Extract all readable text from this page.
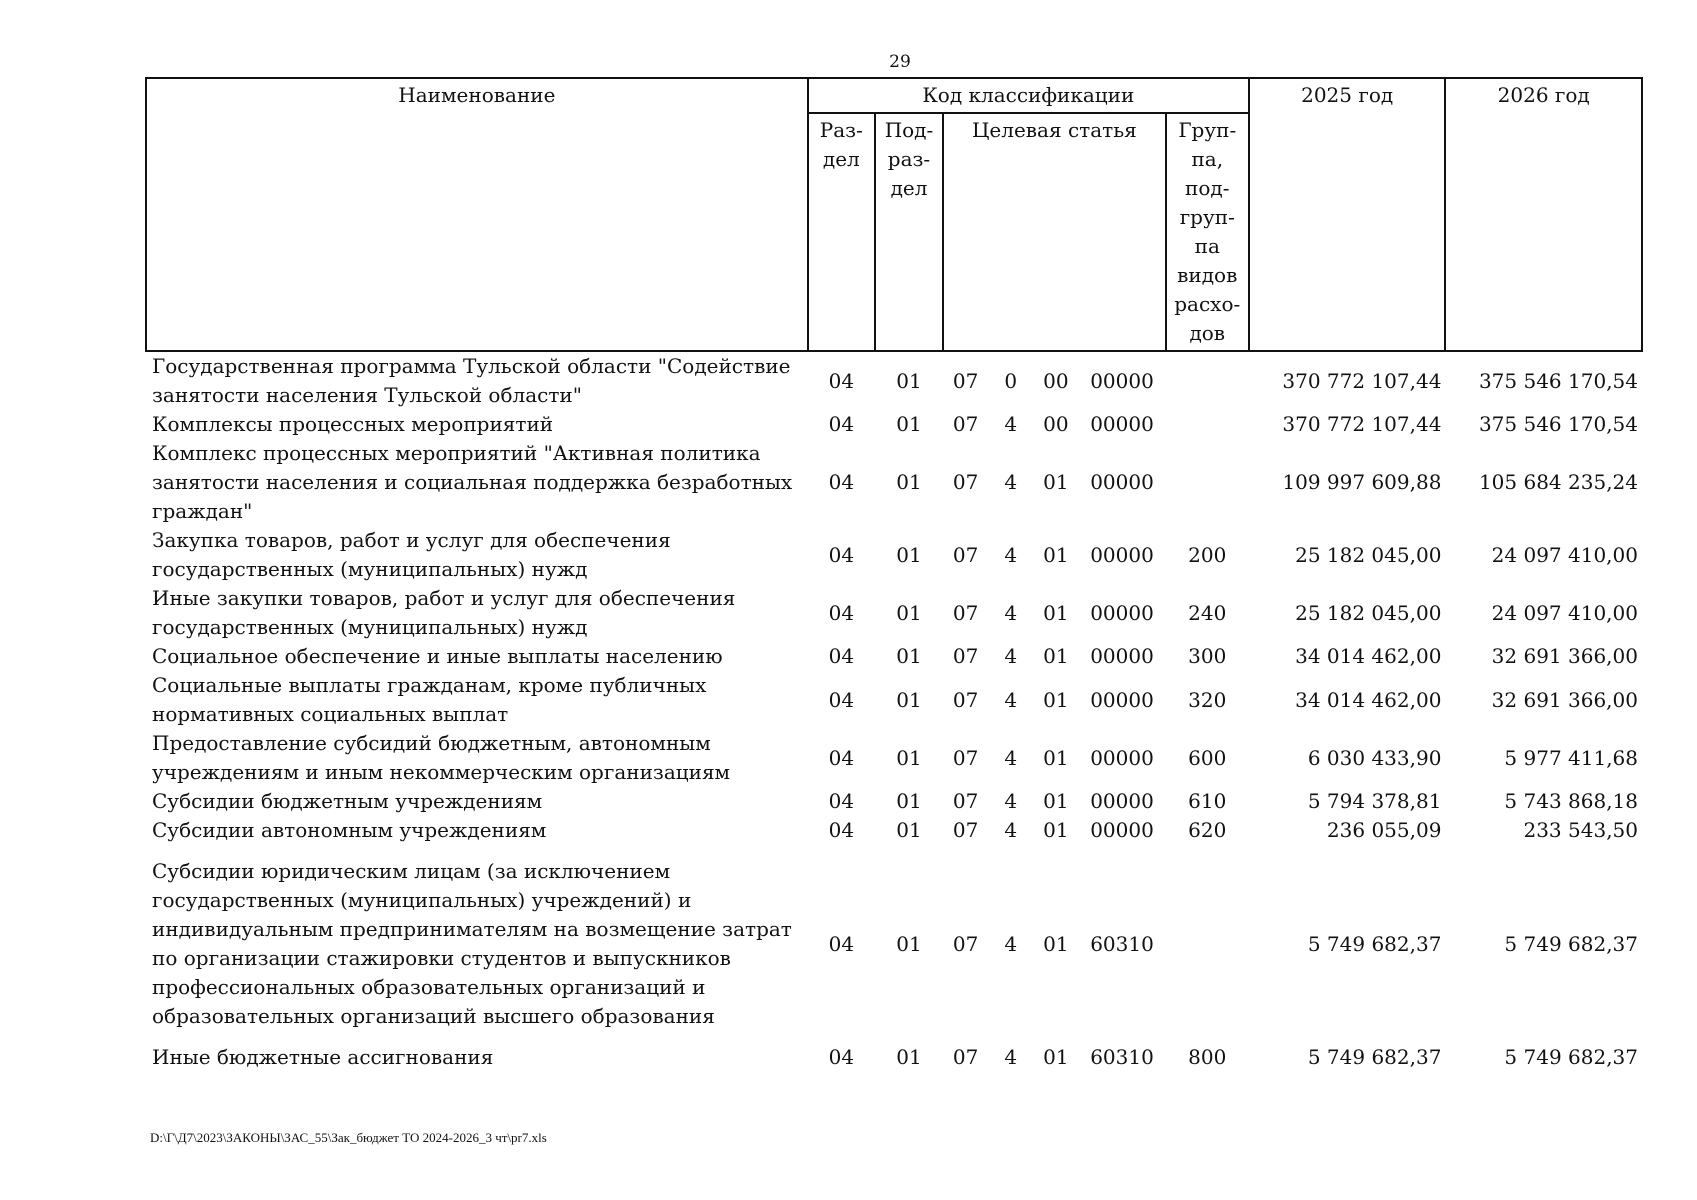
29
Наименование	Код классификации							2025 год	2026 год
	Раз-дел	Под-раз-дел	Целевая статья				Груп-па, под-груп-па видов расхо-дов		
Государственная программа Тульской области "Содействие занятости населения Тульской области"	04	01	07	0	00	00000		370 772 107,44	375 546 170,54
Комплексы процессных мероприятий	04	01	07	4	00	00000		370 772 107,44	375 546 170,54
Комплекс процессных мероприятий "Активная политика занятости населения и социальная поддержка безработных граждан"	04	01	07	4	01	00000		109 997 609,88	105 684 235,24
Закупка товаров, работ и услуг для обеспечения государственных (муниципальных) нужд	04	01	07	4	01	00000	200	25 182 045,00	24 097 410,00
Иные закупки товаров, работ и услуг для обеспечения государственных (муниципальных) нужд	04	01	07	4	01	00000	240	25 182 045,00	24 097 410,00
Социальное обеспечение и иные выплаты населению	04	01	07	4	01	00000	300	34 014 462,00	32 691 366,00
Социальные выплаты гражданам, кроме публичных нормативных социальных выплат	04	01	07	4	01	00000	320	34 014 462,00	32 691 366,00
Предоставление субсидий бюджетным, автономным учреждениям и иным некоммерческим организациям	04	01	07	4	01	00000	600	6 030 433,90	5 977 411,68
Субсидии бюджетным учреждениям	04	01	07	4	01	00000	610	5 794 378,81	5 743 868,18
Субсидии автономным учреждениям	04	01	07	4	01	00000	620	236 055,09	233 543,50

Субсидии юридическим лицам (за исключением государственных (муниципальных) учреждений) и индивидуальным предпринимателям на возмещение затрат по организации стажировки студентов и выпускников профессиональных образовательных организаций и образовательных организаций высшего образования	04	01	07	4	01	60310		5 749 682,37	5 749 682,37

Иные бюджетные ассигнования	04	01	07	4	01	60310	800	5 749 682,37	5 749 682,37
D:\Г\Д7\2023\ЗАКОНЫ\ЗАС_55\Зак_бюджет ТО 2024-2026_3 чт\pr7.xls
